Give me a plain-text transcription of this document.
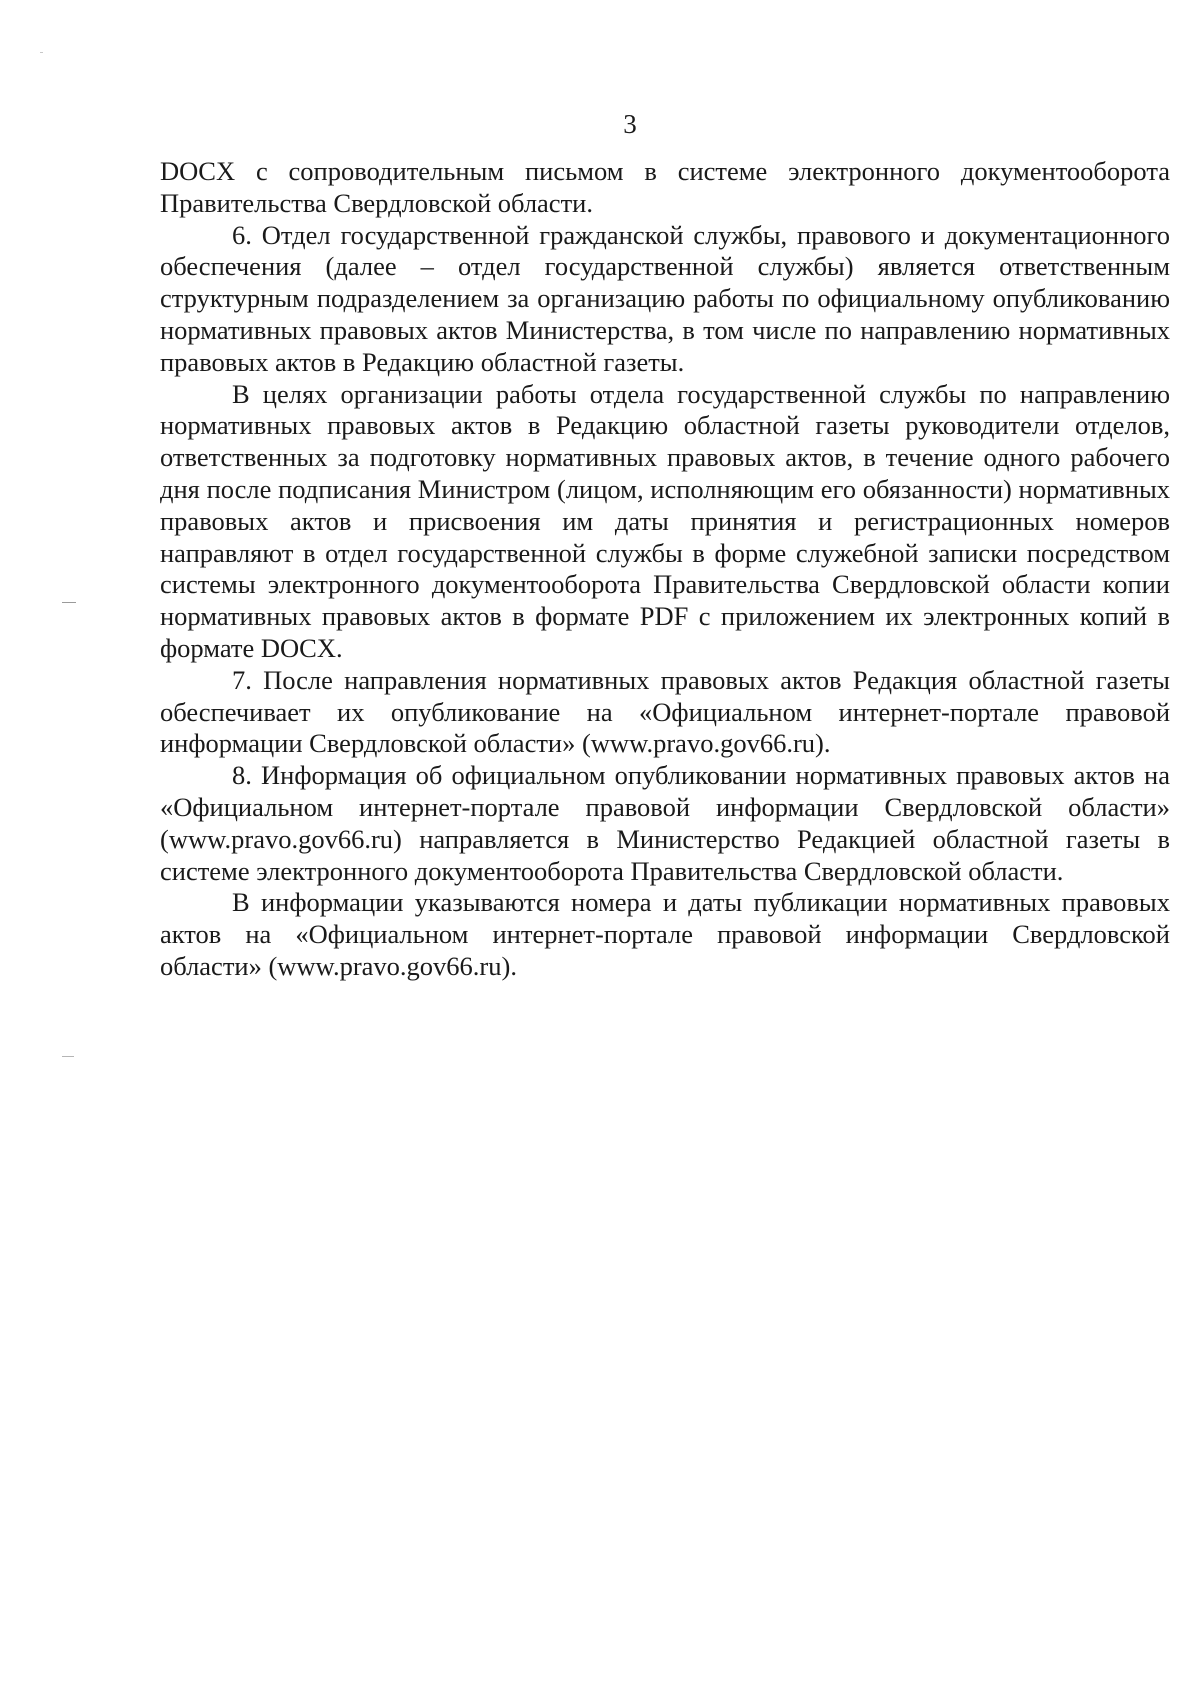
3

DOCX с сопроводительным письмом в системе электронного документооборота Правительства Свердловской области.

6. Отдел государственной гражданской службы, правового и документационного обеспечения (далее – отдел государственной службы) является ответственным структурным подразделением за организацию работы по официальному опубликованию нормативных правовых актов Министерства, в том числе по направлению нормативных правовых актов в Редакцию областной газеты.

В целях организации работы отдела государственной службы по направлению нормативных правовых актов в Редакцию областной газеты руководители отделов, ответственных за подготовку нормативных правовых актов, в течение одного рабочего дня после подписания Министром (лицом, исполняющим его обязанности) нормативных правовых актов и присвоения им даты принятия и регистрационных номеров направляют в отдел государственной службы в форме служебной записки посредством системы электронного документооборота Правительства Свердловской области копии нормативных правовых актов в формате PDF с приложением их электронных копий в формате DOCX.

7. После направления нормативных правовых актов Редакция областной газеты обеспечивает их опубликование на «Официальном интернет-портале правовой информации Свердловской области» (www.pravo.gov66.ru).

8. Информация об официальном опубликовании нормативных правовых актов на «Официальном интернет-портале правовой информации Свердловской области» (www.pravo.gov66.ru) направляется в Министерство Редакцией областной газеты в системе электронного документооборота Правительства Свердловской области.

В информации указываются номера и даты публикации нормативных правовых актов на «Официальном интернет-портале правовой информации Свердловской области» (www.pravo.gov66.ru).
